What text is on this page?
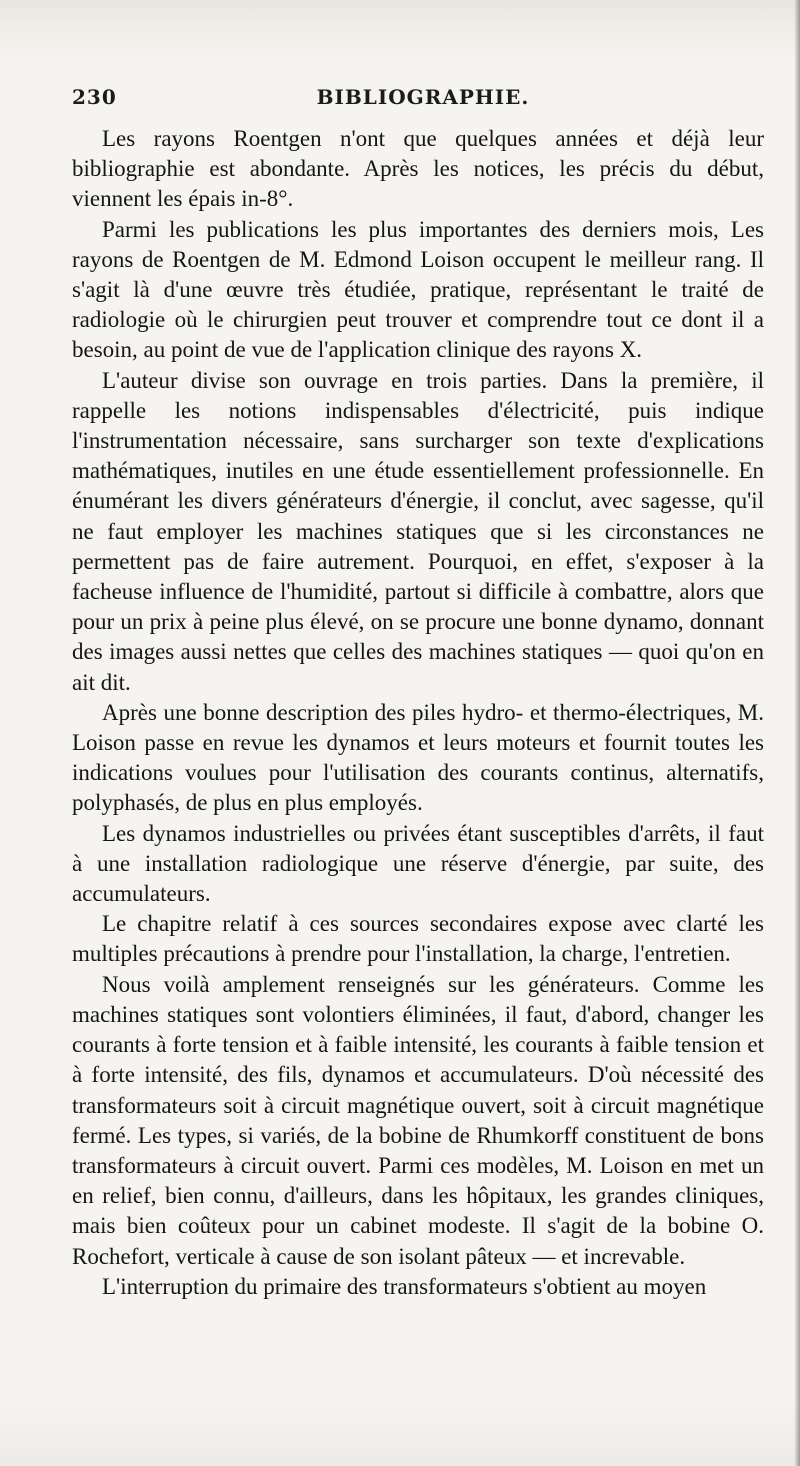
230	BIBLIOGRAPHIE.

Les rayons Roentgen n'ont que quelques années et déjà leur bibliographie est abondante. Après les notices, les précis du début, viennent les épais in-8°.

Parmi les publications les plus importantes des derniers mois, Les rayons de Roentgen de M. Edmond Loison occupent le meilleur rang. Il s'agit là d'une œuvre très étudiée, pratique, représentant le traité de radiologie où le chirurgien peut trouver et comprendre tout ce dont il a besoin, au point de vue de l'application clinique des rayons X.

L'auteur divise son ouvrage en trois parties. Dans la première, il rappelle les notions indispensables d'électricité, puis indique l'instrumentation nécessaire, sans surcharger son texte d'explications mathématiques, inutiles en une étude essentiellement professionnelle. En énumérant les divers générateurs d'énergie, il conclut, avec sagesse, qu'il ne faut employer les machines statiques que si les circonstances ne permettent pas de faire autrement. Pourquoi, en effet, s'exposer à la facheuse influence de l'humidité, partout si difficile à combattre, alors que pour un prix à peine plus élevé, on se procure une bonne dynamo, donnant des images aussi nettes que celles des machines statiques — quoi qu'on en ait dit.

Après une bonne description des piles hydro- et thermo-électriques, M. Loison passe en revue les dynamos et leurs moteurs et fournit toutes les indications voulues pour l'utilisation des courants continus, alternatifs, polyphasés, de plus en plus employés.

Les dynamos industrielles ou privées étant susceptibles d'arrêts, il faut à une installation radiologique une réserve d'énergie, par suite, des accumulateurs.

Le chapitre relatif à ces sources secondaires expose avec clarté les multiples précautions à prendre pour l'installation, la charge, l'entretien.

Nous voilà amplement renseignés sur les générateurs. Comme les machines statiques sont volontiers éliminées, il faut, d'abord, changer les courants à forte tension et à faible intensité, les courants à faible tension et à forte intensité, des fils, dynamos et accumulateurs. D'où nécessité des transformateurs soit à circuit magnétique ouvert, soit à circuit magnétique fermé. Les types, si variés, de la bobine de Rhumkorff constituent de bons transformateurs à circuit ouvert. Parmi ces modèles, M. Loison en met un en relief, bien connu, d'ailleurs, dans les hôpitaux, les grandes cliniques, mais bien coûteux pour un cabinet modeste. Il s'agit de la bobine O. Rochefort, verticale à cause de son isolant pâteux — et increvable.

L'interruption du primaire des transformateurs s'obtient au moyen
